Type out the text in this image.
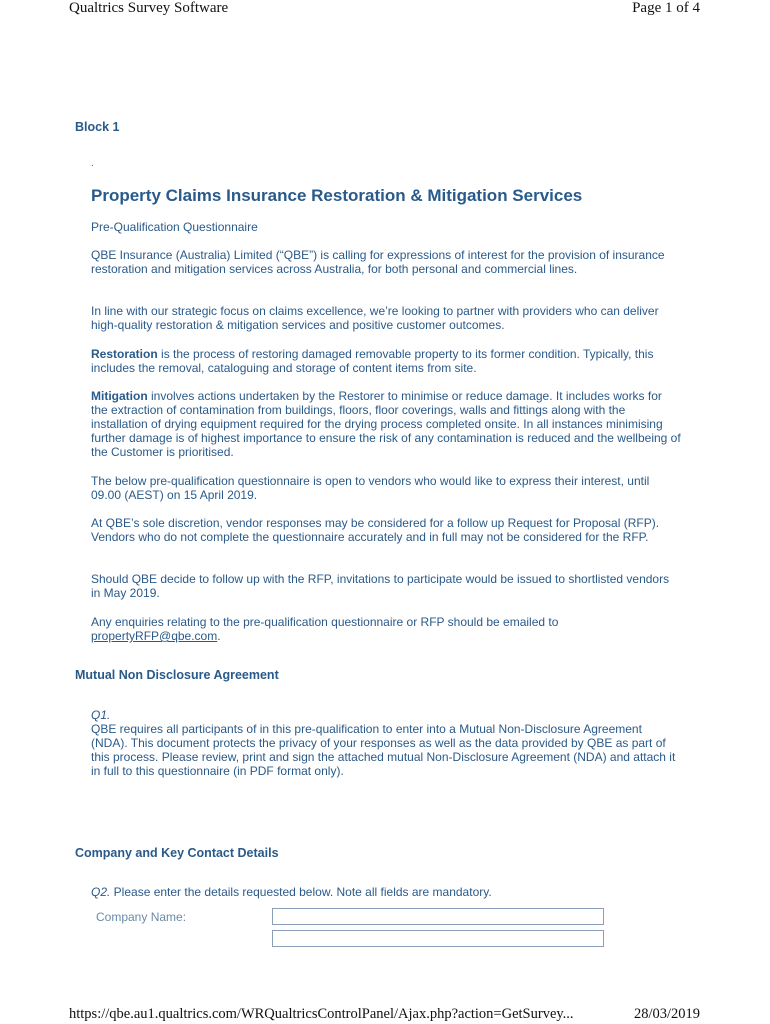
Qualtrics Survey Software	Page 1 of 4
Block 1
.
Property Claims Insurance Restoration & Mitigation Services
Pre-Qualification Questionnaire
QBE Insurance (Australia) Limited (“QBE”) is calling for expressions of interest for the provision of insurance restoration and mitigation services across Australia, for both personal and commercial lines.
In line with our strategic focus on claims excellence, we’re looking to partner with providers who can deliver high-quality restoration & mitigation services and positive customer outcomes.
Restoration is the process of restoring damaged removable property to its former condition. Typically, this includes the removal, cataloguing and storage of content items from site.
Mitigation involves actions undertaken by the Restorer to minimise or reduce damage. It includes works for the extraction of contamination from buildings, floors, floor coverings, walls and fittings along with the installation of drying equipment required for the drying process completed onsite. In all instances minimising further damage is of highest importance to ensure the risk of any contamination is reduced and the wellbeing of the Customer is prioritised.
The below pre-qualification questionnaire is open to vendors who would like to express their interest, until 09.00 (AEST) on 15 April 2019.
At QBE’s sole discretion, vendor responses may be considered for a follow up Request for Proposal (RFP). Vendors who do not complete the questionnaire accurately and in full may not be considered for the RFP.
Should QBE decide to follow up with the RFP, invitations to participate would be issued to shortlisted vendors in May 2019.
Any enquiries relating to the pre-qualification questionnaire or RFP should be emailed to propertyRFP@qbe.com.
Mutual Non Disclosure Agreement

Q1.

QBE requires all participants of in this pre-qualification to enter into a Mutual Non-Disclosure Agreement (NDA). This document protects the privacy of your responses as well as the data provided by QBE as part of this process. Please review, print and sign the attached mutual Non-Disclosure Agreement (NDA) and attach it in full to this questionnaire (in PDF format only).

Company and Key Contact Details
Q2. Please enter the details requested below. Note all fields are mandatory.
Company Name:
https://qbe.au1.qualtrics.com/WRQualtricsControlPanel/Ajax.php?action=GetSurvey...	28/03/2019
